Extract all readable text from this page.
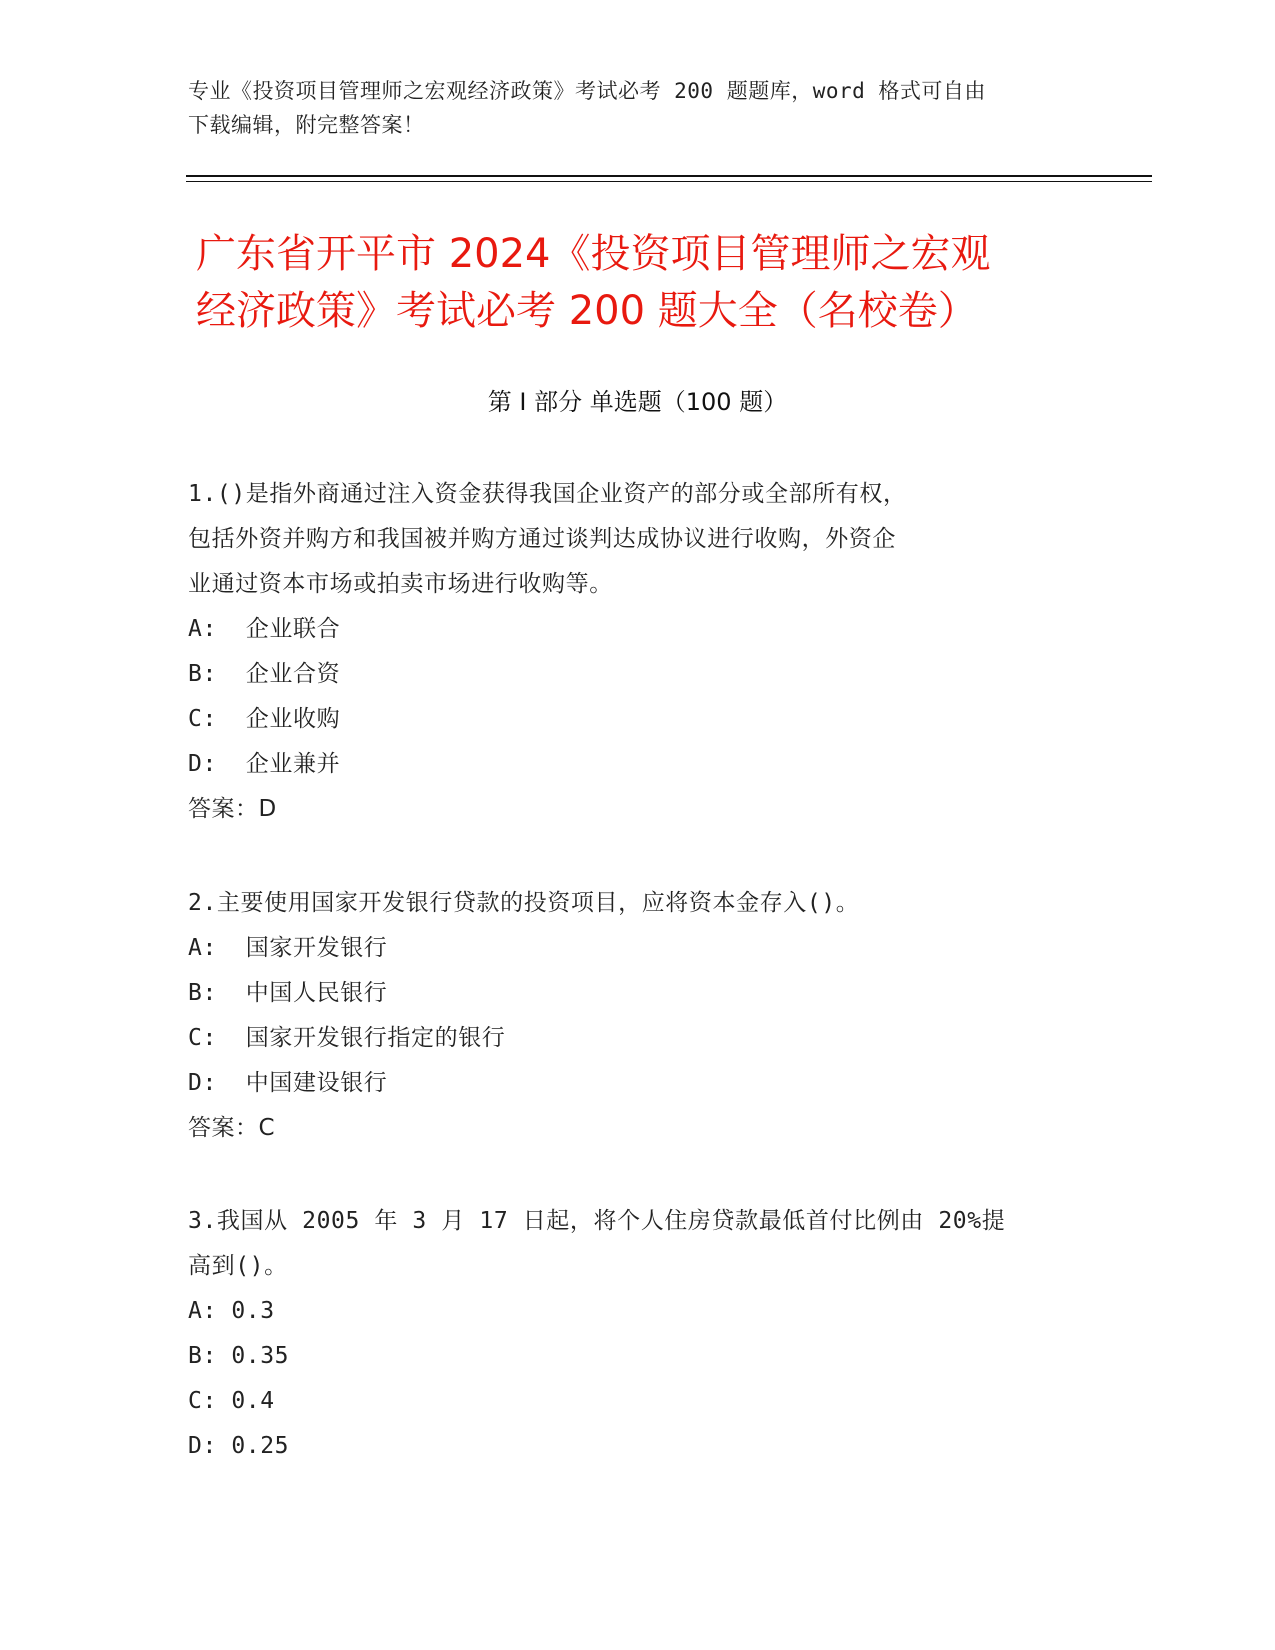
专业《投资项目管理师之宏观经济政策》考试必考 200 题题库，word 格式可自由
下载编辑，附完整答案！
广东省开平市 2024《投资项目管理师之宏观
经济政策》考试必考 200 题大全（名校卷）
第 I 部分 单选题（100 题）

1.()是指外商通过注入资金获得我国企业资产的部分或全部所有权，

包括外资并购方和我国被并购方通过谈判达成协议进行收购，外资企

业通过资本市场或拍卖市场进行收购等。

A:  企业联合

B:  企业合资

C:  企业收购

D:  企业兼并

答案：D

2.主要使用国家开发银行贷款的投资项目，应将资本金存入()。

A:  国家开发银行

B:  中国人民银行

C:  国家开发银行指定的银行

D:  中国建设银行

答案：C

3.我国从 2005 年 3 月 17 日起，将个人住房贷款最低首付比例由 20%提

高到()。

A: 0.3

B: 0.35

C: 0.4

D: 0.25
